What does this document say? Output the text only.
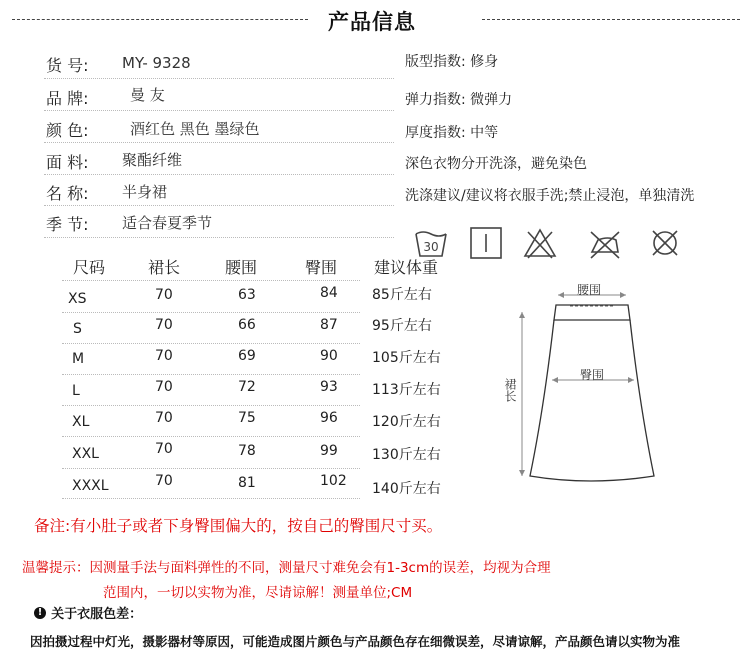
产品信息
货 号: MY- 9328
品 牌:	曼 友
颜 色:	酒红色 黑色 墨绿色
面 料: 聚酯纤维
名 称: 半身裙
季 节: 适合春夏季节
版型指数: 修身
弹力指数: 微弹力
厚度指数: 中等
深色衣物分开洗涤，避免染色
洗涤建议/建议将衣服手洗;禁止浸泡，单独清洗
30
尺码	裙长	腰围	臀围 建议体重
XS	70	63	84 85斤左右
S	70	66	87 95斤左右
M	70	69	90 105斤左右
L	70	72	93 113斤左右
XL	70	75	96 120斤左右
XXL	70	78	99 130斤左右
XXXL	70	81	102 140斤左右
腰围
臀围
裙长
备注:有小肚子或者下身臀围偏大的，按自己的臀围尺寸买。
温馨提示：因测量手法与面料弹性的不同，测量尺寸难免会有1-3cm的误差，均视为合理
范围内，一切以实物为准，尽请谅解！测量单位;CM
! 关于衣服色差：
因拍摄过程中灯光，摄影器材等原因，可能造成图片颜色与产品颜色存在细微误差，尽请谅解，产品颜色请以实物为准
